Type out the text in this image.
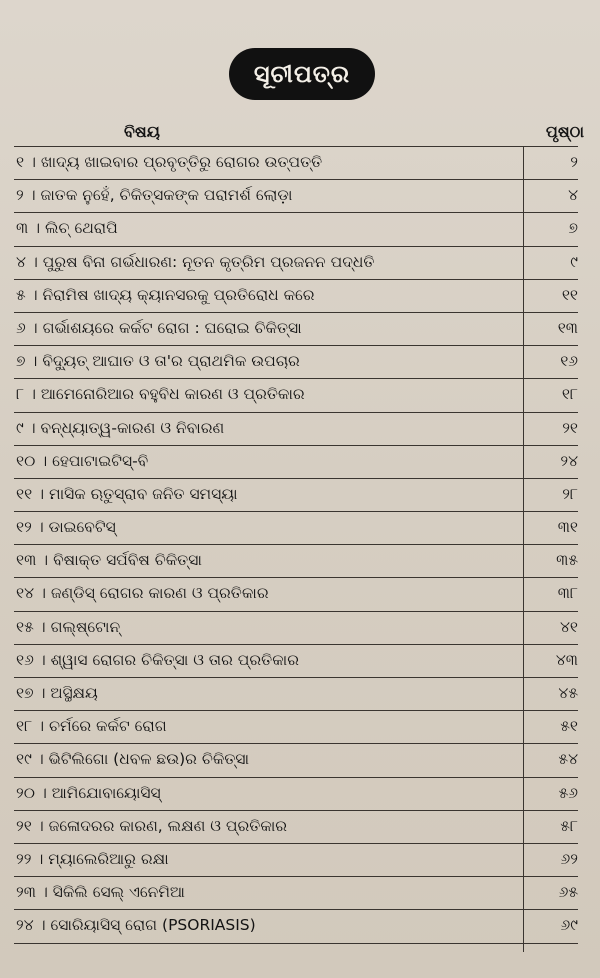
ସୂଚୀପତ୍ର
ବିଷୟ	ପୃଷ୍ଠା
୧ । ଖାଦ୍ୟ ଖାଇବାର ପ୍ରବୃତ୍ତିରୁ ରୋଗର ଉତ୍ପତ୍ତି	୨
୨ । ଜାତକ ନୁହେଁ, ଚିକିତ୍ସକଙ୍କ ପରାମର୍ଶ ଲୋଡ଼ା	୪
୩ । ଲିଚ୍ ଥେରାପି	୭
୪ । ପୁରୁଷ ବିନା ଗର୍ଭଧାରଣ: ନୂତନ କୃତ୍ରିମ ପ୍ରଜନନ ପଦ୍ଧତି	୯
୫ । ନିରାମିଷ ଖାଦ୍ୟ କ୍ୟାନସରକୁ ପ୍ରତିରୋଧ କରେ	୧୧
୬ । ଗର୍ଭାଶୟରେ କର୍କଟ ରୋଗ : ଘରୋଇ ଚିକିତ୍ସା	୧୩
୭ । ବିଦ୍ୟୁତ୍ ଆଘାତ ଓ ତା'ର ପ୍ରାଥମିକ ଉପଚାର	୧୬
୮ । ଆମେନୋରିଆର ବହୁବିଧ କାରଣ ଓ ପ୍ରତିକାର	୧୮
୯ । ବନ୍ଧ୍ୟାତ୍ୱ-କାରଣ ଓ ନିବାରଣ	୨୧
୧୦ । ହେପାଟାଇଟିସ୍-ବି	୨୪
୧୧ । ମାସିକ ଋତୁସ୍ରାବ ଜନିତ ସମସ୍ୟା	୨୮
୧୨ । ଡାଇବେଟିସ୍	୩୧
୧୩ । ବିଷାକ୍ତ ସର୍ପବିଷ ଚିକିତ୍ସା	୩୫
୧୪ । ଜଣ୍ଡିସ୍ ରୋଗର କାରଣ ଓ ପ୍ରତିକାର	୩୮
୧୫ । ଗଲ୍‌ଷ୍ଟୋନ୍	୪୧
୧୬ । ଶ୍ୱାସ ରୋଗର ଚିକିତ୍ସା ଓ ତାର ପ୍ରତିକାର	୪୩
୧୭ । ଅସ୍ଥିକ୍ଷୟ	୪୫
୧୮ । ଚର୍ମରେ କର୍କଟ ରୋଗ	୫୧
୧୯ । ଭିଟିଲିଗୋ (ଧବଳ ଛଉ)ର ଚିକିତ୍ସା	୫୪
୨୦ । ଆମିଯୋବାୟୋସିସ୍	୫୬
୨୧ । ଜଳୋଦରର କାରଣ, ଲକ୍ଷଣ ଓ ପ୍ରତିକାର	୫୮
୨୨ । ମ୍ୟାଲେରିଆରୁ ରକ୍ଷା	୬୨
୨୩ । ସିକିଲି ସେଲ୍ ଏନେମିଆ	୬୫
୨୪ । ସୋରିୟାସିସ୍ ରୋଗ (PSORIASIS)	୬୯
